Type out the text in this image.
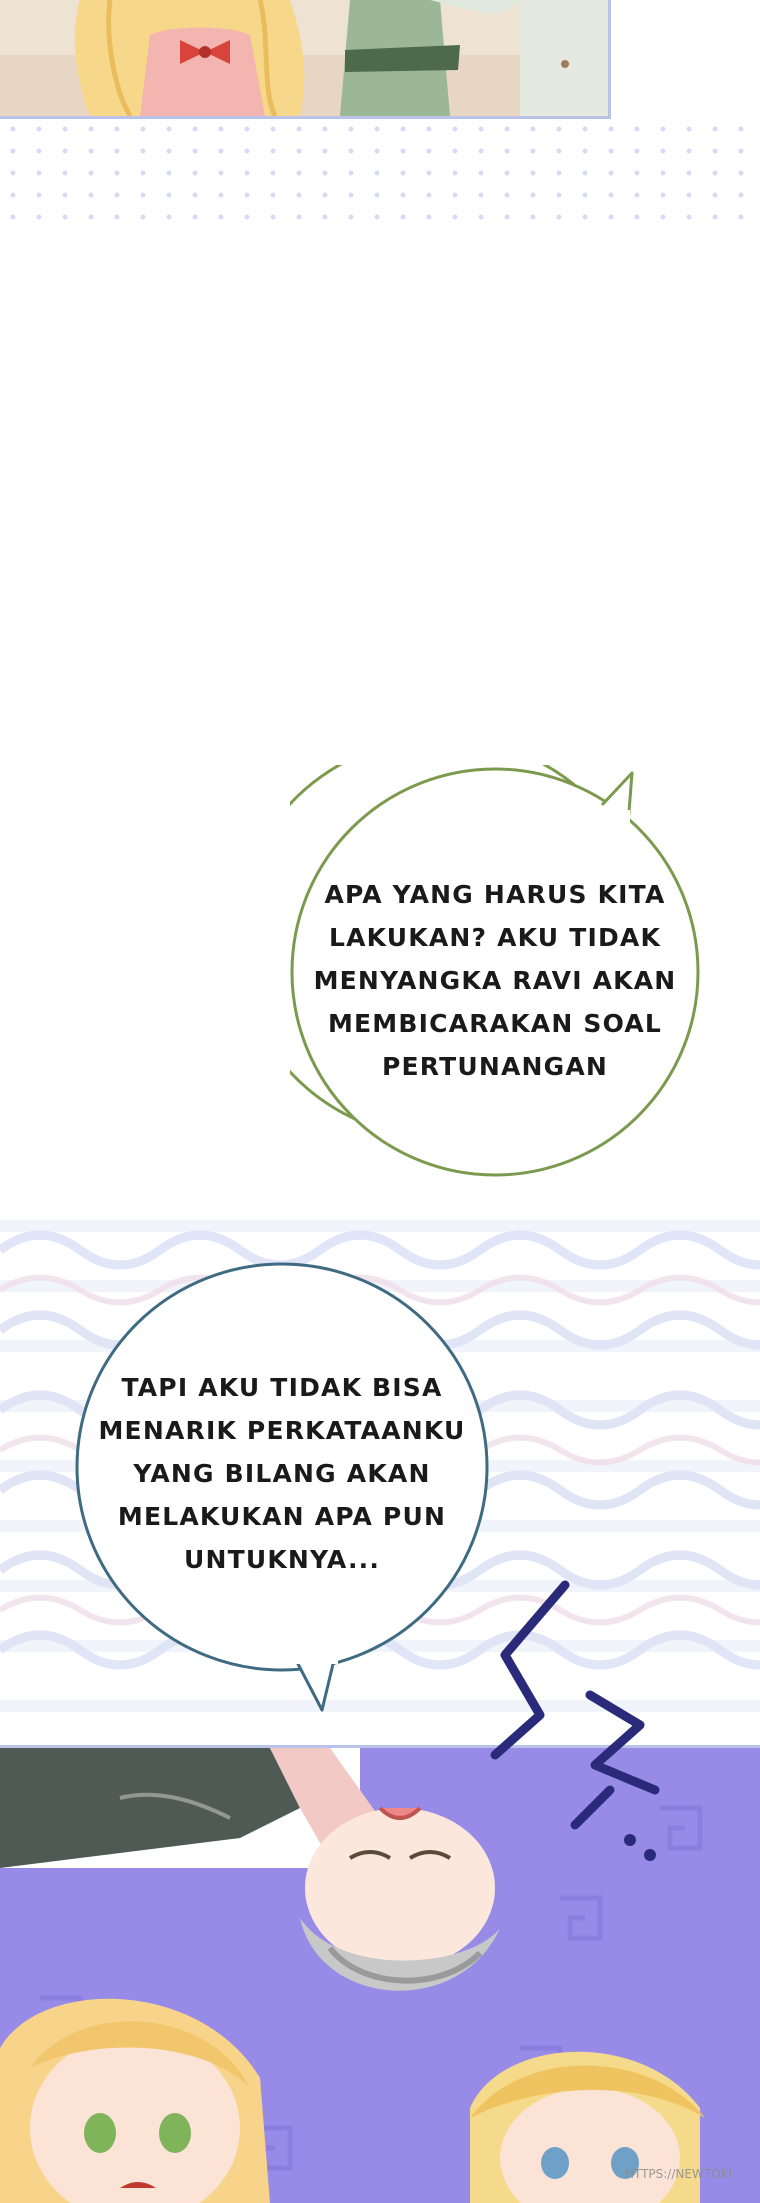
APA YANG HARUS KITA
LAKUKAN? AKU TIDAK
MENYANGKA RAVI AKAN
MEMBICARAKAN SOAL
PERTUNANGAN
TAPI AKU TIDAK BISA
MENARIK PERKATAANKU
YANG BILANG AKAN
MELAKUKAN APA PUN
UNTUKNYA...
HTTPS://NEWTOKI
